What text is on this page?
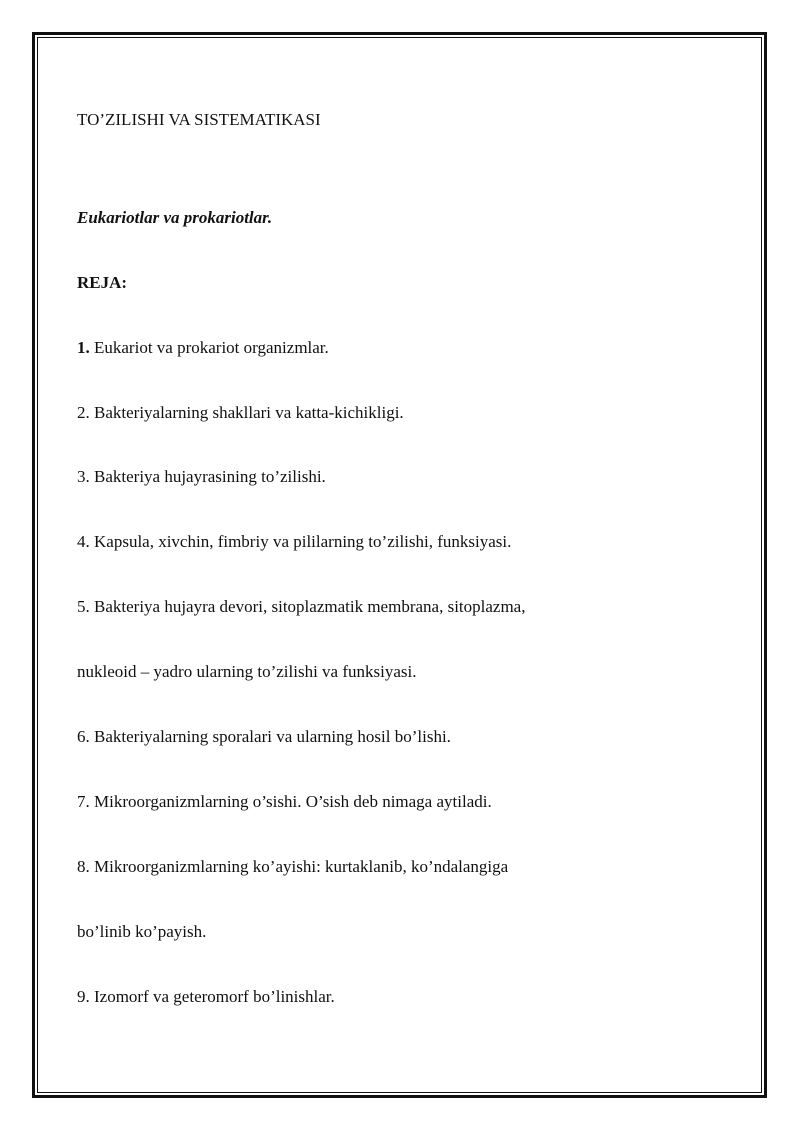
TO’ZILISHI VA SISTEMATIKASI
Eukariotlar va prokariotlar.
REJA:
1. Eukariot va prokariot organizmlar.
2. Bakteriyalarning shakllari va katta-kichikligi.
3. Bakteriya hujayrasining to’zilishi.
4. Kapsula, xivchin, fimbriy va pililarning to’zilishi, funksiyasi.
5. Bakteriya hujayra devori, sitoplazmatik membrana, sitoplazma,
nukleoid – yadro ularning to’zilishi va funksiyasi.
6. Bakteriyalarning sporalari va ularning hosil bo’lishi.
7. Mikroorganizmlarning o’sishi. O’sish deb nimaga aytiladi.
8. Mikroorganizmlarning ko’ayishi: kurtaklanib, ko’ndalangiga
bo’linib ko’payish.
9. Izomorf va geteromorf bo’linishlar.
